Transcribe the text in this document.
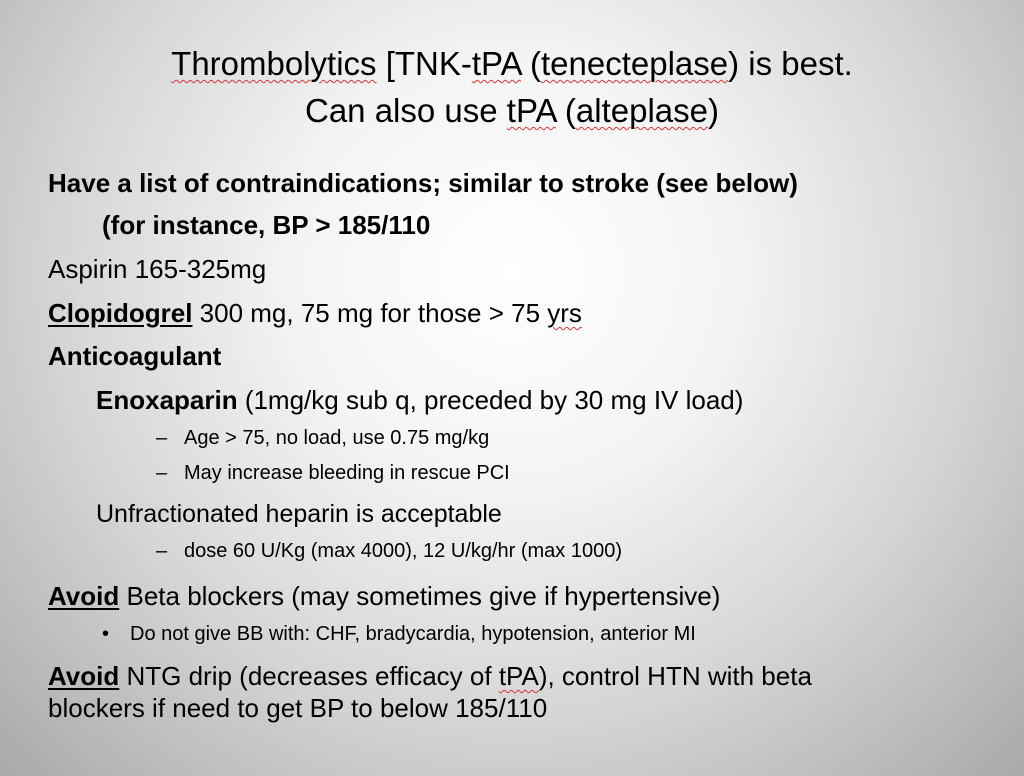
Thrombolytics [TNK-tPA (tenecteplase) is best.
Can also use tPA (alteplase)
Have a list of contraindications; similar to stroke (see below)
(for instance, BP > 185/110
Aspirin 165-325mg
Clopidogrel 300 mg, 75 mg for those > 75 yrs
Anticoagulant
Enoxaparin (1mg/kg sub q, preceded by 30 mg IV load)
– Age > 75, no load, use 0.75 mg/kg
– May increase bleeding in rescue PCI
Unfractionated heparin is acceptable
– dose 60 U/Kg (max 4000), 12 U/kg/hr (max 1000)
Avoid Beta blockers (may sometimes give if hypertensive)
• Do not give BB with: CHF, bradycardia, hypotension, anterior MI
Avoid NTG drip (decreases efficacy of tPA), control HTN with beta
blockers if need to get BP to below 185/110
